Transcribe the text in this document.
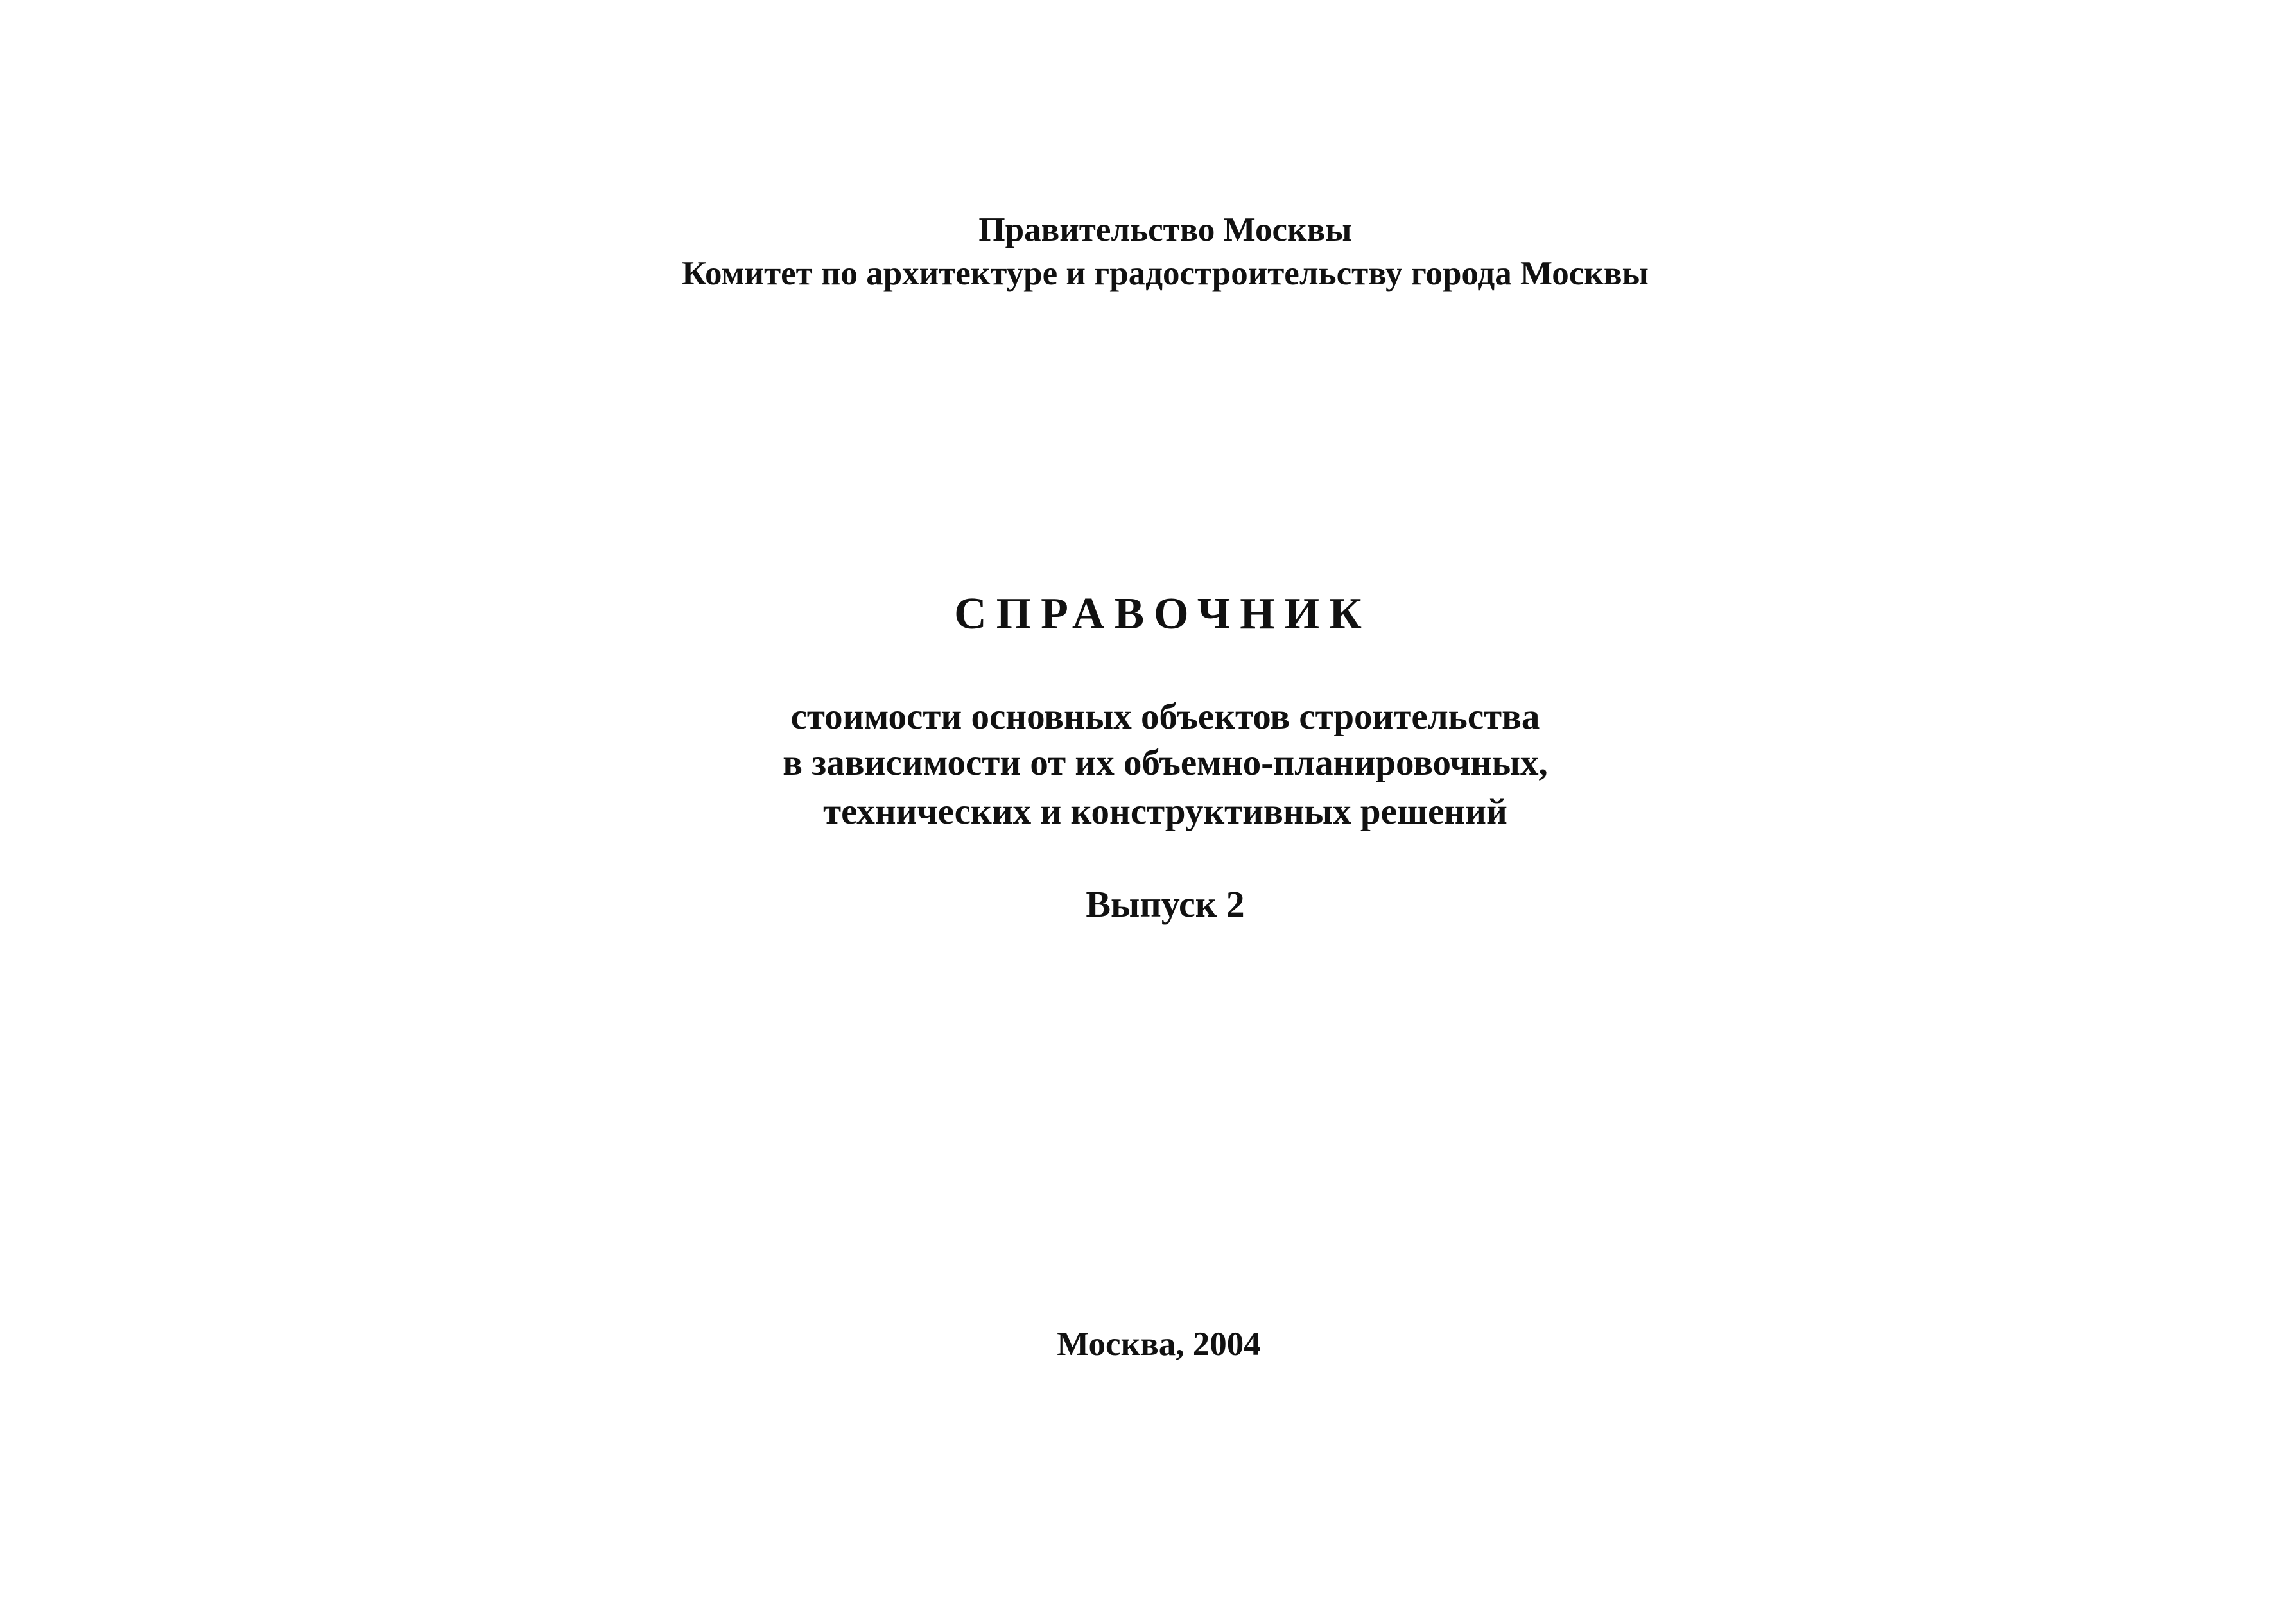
Правительство Москвы
Комитет по архитектуре и градостроительству города Москвы
СПРАВОЧНИК
стоимости основных объектов строительства
в зависимости от их объемно-планировочных,
технических и конструктивных решений
Выпуск 2
Москва, 2004
